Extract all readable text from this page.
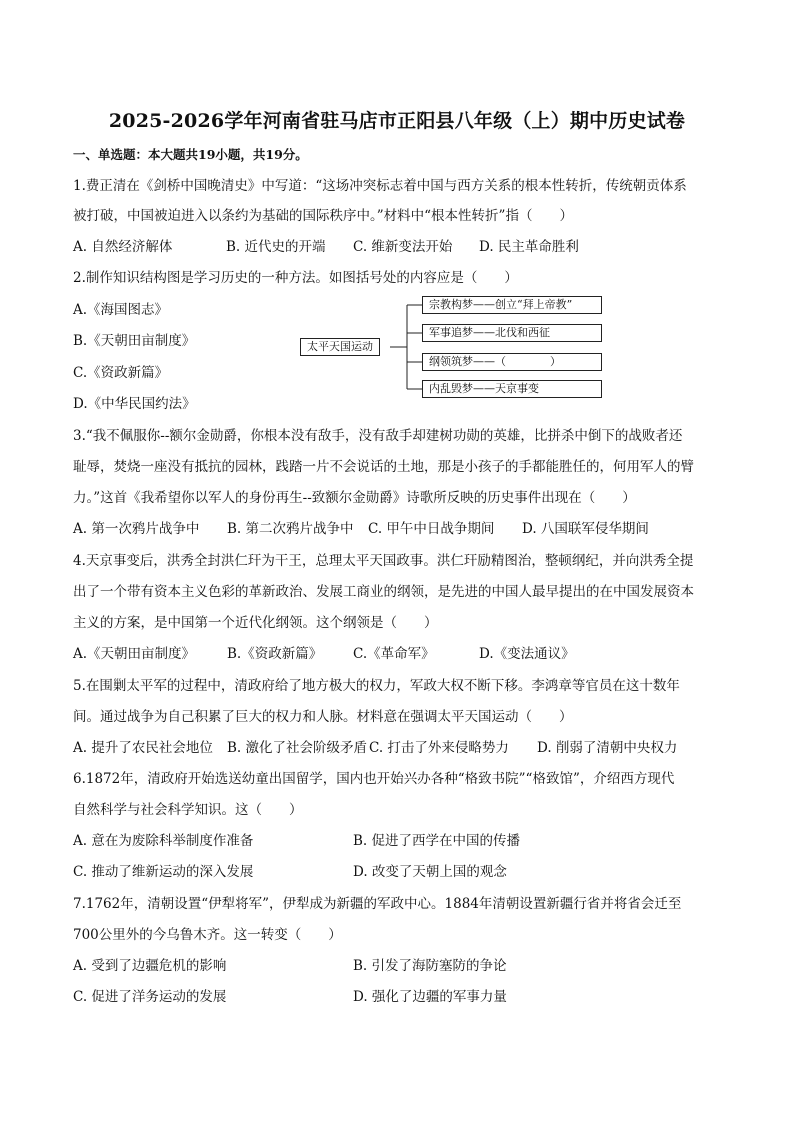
2025-2026学年河南省驻马店市正阳县八年级（上）期中历史试卷
一、单选题：本大题共19小题，共19分。
1.费正清在《剑桥中国晚清史》中写道：“这场冲突标志着中国与西方关系的根本性转折，传统朝贡体系
被打破，中国被迫进入以条约为基础的国际秩序中。”材料中“根本性转折”指（　　）
A. 自然经济解体	B. 近代史的开端 C. 维新变法开始 D. 民主革命胜利
2.制作知识结构图是学习历史的一种方法。如图括号处的内容应是（　　）
A.《海国图志》
B.《天朝田亩制度》
C.《资政新篇》
D.《中华民国约法》
太平天国运动
宗教构梦——创立“拜上帝教”
军事追梦——北伐和西征
纲领筑梦——（　　　　）
内乱毁梦——天京事变
3.“我不佩服你--额尔金勋爵，你根本没有敌手，没有敌手却建树功勋的英雄，比拼杀中倒下的战败者还
耻辱，焚烧一座没有抵抗的园林，践踏一片不会说话的土地，那是小孩子的手都能胜任的，何用军人的臂
力。”这首《我希望你以军人的身份再生--致额尔金勋爵》诗歌所反映的历史事件出现在（　　）
A. 第一次鸦片战争中 B. 第二次鸦片战争中 C. 甲午中日战争期间 D. 八国联军侵华期间
4.天京事变后，洪秀全封洪仁玕为干王，总理太平天国政事。洪仁玕励精图治，整顿纲纪，并向洪秀全提
出了一个带有资本主义色彩的革新政治、发展工商业的纲领，是先进的中国人最早提出的在中国发展资本
主义的方案，是中国第一个近代化纲领。这个纲领是（　　）
A.《天朝田亩制度》 B.《资政新篇》 C.《革命军》	D.《变法通议》
5.在围剿太平军的过程中，清政府给了地方极大的权力，军政大权不断下移。李鸿章等官员在这十数年
间。通过战争为自己积累了巨大的权力和人脉。材料意在强调太平天国运动（　　）
A. 提升了农民社会地位 B. 激化了社会阶级矛盾 C. 打击了外来侵略势力 D. 削弱了清朝中央权力
6.1872年，清政府开始选送幼童出国留学，国内也开始兴办各种“格致书院”“格致馆”，介绍西方现代
自然科学与社会科学知识。这（　　）
A. 意在为废除科举制度作准备	B. 促进了西学在中国的传播
C. 推动了维新运动的深入发展	D. 改变了天朝上国的观念
7.1762年，清朝设置“伊犁将军”，伊犁成为新疆的军政中心。1884年清朝设置新疆行省并将省会迁至
700公里外的今乌鲁木齐。这一转变（　　）
A. 受到了边疆危机的影响	B. 引发了海防塞防的争论
C. 促进了洋务运动的发展	D. 强化了边疆的军事力量
